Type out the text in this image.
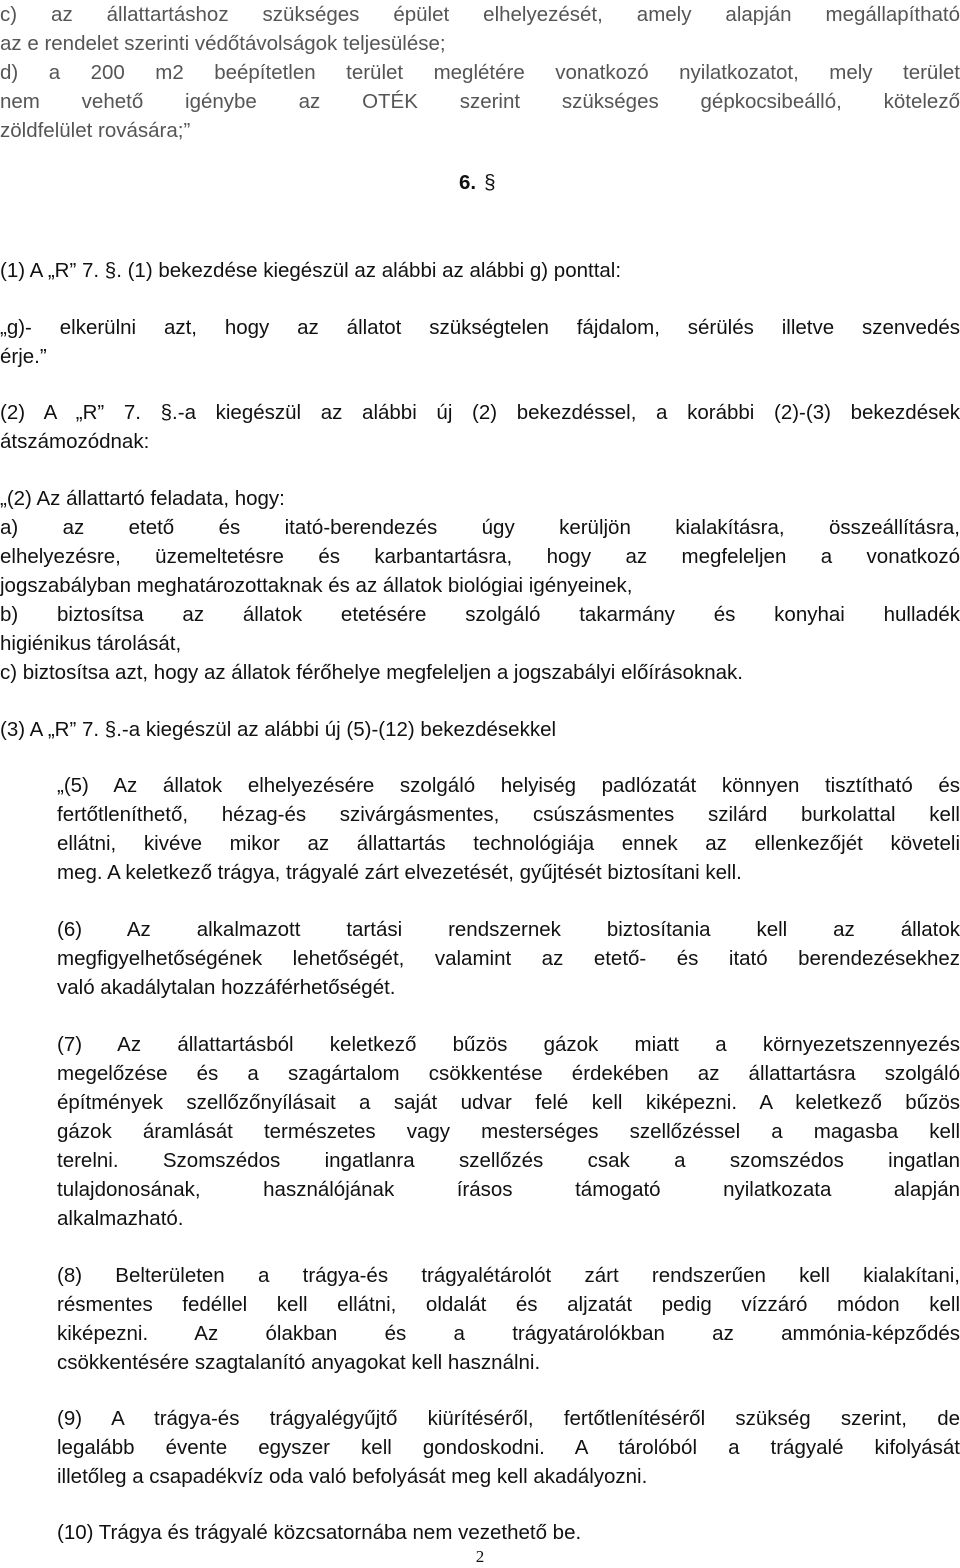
c) az állattartáshoz szükséges épület elhelyezését, amely alapján megállapítható
az e rendelet szerinti védőtávolságok teljesülése;
d) a 200 m2 beépítetlen terület meglétére vonatkozó nyilatkozatot, mely terület
nem vehető igénybe az OTÉK szerint szükséges gépkocsibeálló, kötelező
zöldfelület rovására;”
6. §
(1) A „R” 7. §. (1) bekezdése kiegészül az alábbi az alábbi g) ponttal:
„g)- elkerülni azt, hogy az állatot szükségtelen fájdalom, sérülés illetve szenvedés
érje.”
(2) A „R” 7. §.-a kiegészül az alábbi új (2) bekezdéssel, a korábbi (2)-(3) bekezdések
átszámozódnak:
„(2) Az állattartó feladata, hogy:
a) az etető és itató-berendezés úgy kerüljön kialakításra, összeállításra,
elhelyezésre, üzemeltetésre és karbantartásra, hogy az megfeleljen a vonatkozó
jogszabályban meghatározottaknak és az állatok biológiai igényeinek,
b) biztosítsa az állatok etetésére szolgáló takarmány és konyhai hulladék
higiénikus tárolását,
c) biztosítsa azt, hogy az állatok férőhelye megfeleljen a jogszabályi előírásoknak.
(3) A „R” 7. §.-a kiegészül az alábbi új (5)-(12) bekezdésekkel
„(5) Az állatok elhelyezésére szolgáló helyiség padlózatát könnyen tisztítható és
fertőtleníthető, hézag-és szivárgásmentes, csúszásmentes szilárd burkolattal kell
ellátni, kivéve mikor az állattartás technológiája ennek az ellenkezőjét követeli
meg. A keletkező trágya, trágyalé zárt elvezetését, gyűjtését biztosítani kell.
(6) Az alkalmazott tartási rendszernek biztosítania kell az állatok
megfigyelhetőségének lehetőségét, valamint az etető- és itató berendezésekhez
való akadálytalan hozzáférhetőségét.
(7) Az állattartásból keletkező bűzös gázok miatt a környezetszennyezés
megelőzése és a szagártalom csökkentése érdekében az állattartásra szolgáló
építmények szellőzőnyílásait a saját udvar felé kell kiképezni. A keletkező bűzös
gázok áramlását természetes vagy mesterséges szellőzéssel a magasba kell
terelni. Szomszédos ingatlanra szellőzés csak a szomszédos ingatlan
tulajdonosának, használójának írásos támogató nyilatkozata alapján
alkalmazható.
(8) Belterületen a trágya-és trágyalétárolót zárt rendszerűen kell kialakítani,
résmentes fedéllel kell ellátni, oldalát és aljzatát pedig vízzáró módon kell
kiképezni. Az ólakban és a trágyatárolókban az ammónia-képződés
csökkentésére szagtalanító anyagokat kell használni.
(9) A trágya-és trágyalégyűjtő kiürítéséről, fertőtlenítéséről szükség szerint, de
legalább évente egyszer kell gondoskodni. A tárolóból a trágyalé kifolyását
illetőleg a csapadékvíz oda való befolyását meg kell akadályozni.
(10) Trágya és trágyalé közcsatornába nem vezethető be.
2
